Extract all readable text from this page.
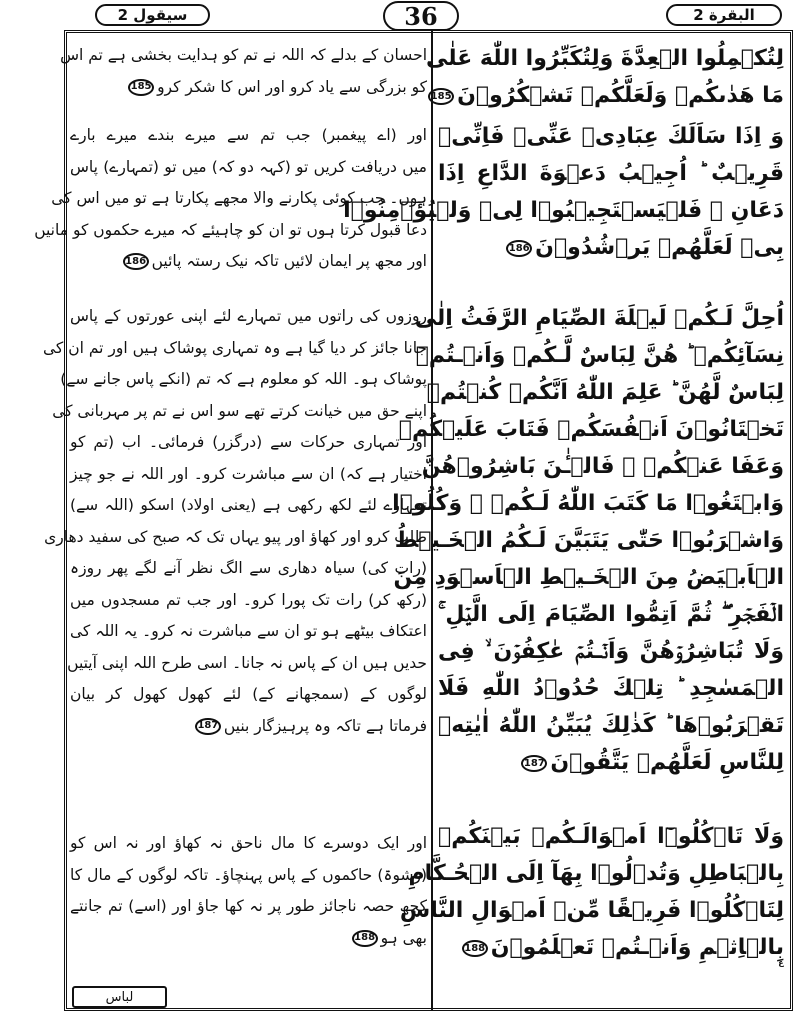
سیقول 2	36	البقرة 2
لِتُكۡمِلُوا الۡعِدَّةَ وَلِتُكَبِّرُوا اللّٰهَ عَلٰى
مَا هَدٰٮكُمۡ وَلَعَلَّكُمۡ تَشۡكُرُوۡنَ185
وَ اِذَا سَاَلَكَ عِبَادِىۡ عَنِّىۡ فَاِنِّىۡ
قَرِيۡبٌ ؕ اُجِيۡبُ دَعۡوَةَ الدَّاعِ اِذَا
دَعَانِ ۙ فَلۡيَسۡتَجِيۡبُوۡا لِىۡ وَلۡيُؤۡمِنُوۡا
بِىۡ لَعَلَّهُمۡ يَرۡشُدُوۡنَ186
اُحِلَّ لَـكُمۡ لَيۡلَةَ الصِّيَامِ الرَّفَثُ اِلٰى
نِسَآئِكُمۡ ؕ هُنَّ لِبَاسٌ لَّـكُمۡ وَاَنۡـتُمۡ
لِبَاسٌ لَّهُنَّ ؕ عَلِمَ اللّٰهُ اَنَّكُمۡ كُنۡتُمۡ
تَخۡتَانُوۡنَ اَنۡفُسَكُمۡ فَتَابَ عَلَيۡكُمۡ
وَعَفَا عَنۡكُمۡ ۚ فَالۡـٰٔنَ بَاشِرُوۡهُنَّ
وَابۡتَغُوۡا مَا كَتَبَ اللّٰهُ لَـكُمۡ ۚ وَكُلُوۡا
وَاشۡرَبُوۡا حَتّٰى يَتَبَيَّنَ لَـكُمُ الۡخَـيۡطُ
الۡاَبۡيَضُ مِنَ الۡخَـيۡطِ الۡاَسۡوَدِ مِنَ
الۡفَجۡرِ ۖ ثُمَّ اَتِمُّوا الصِّيَامَ اِلَى الَّيۡلِ ۚ
وَلَا تُبَاشِرُوۡهُنَّ وَاَنۡـتُمۡ عٰكِفُوۡنَ ۙ فِى
الۡمَسٰجِدِ ؕ تِلۡكَ حُدُوۡدُ اللّٰهِ فَلَا
تَقۡرَبُوۡهَا ؕ كَذٰلِكَ يُبَيِّنُ اللّٰهُ اٰيٰتِهٖ
لِلنَّاسِ لَعَلَّهُمۡ يَتَّقُوۡنَ187
وَلَا تَاۡكُلُوۡٓا اَمۡوَالَـكُمۡ بَيۡنَكُمۡ
بِالۡبَاطِلِ وَتُدۡلُوۡا بِهَآ اِلَى الۡحُـکَّامِ
لِتَاۡكُلُوۡا فَرِيۡقًا مِّنۡ اَمۡوَالِ النَّاسِ
بِالۡاِثۡمِ وَاَنۡـتُمۡ تَعۡلَمُوۡنَ188
احسان کے بدلے کہ اللہ نے تم کو ہدایت بخشی ہے تم اس
کو بزرگی سے یاد کرو اور اس کا شکر کرو185
اور (اے پیغمبر) جب تم سے میرے بندے میرے بارے
میں دریافت کریں تو (کہہ دو کہ) میں تو (تمہارے) پاس
ہوں۔ جب کوئی پکارنے والا مجھے پکارتا ہے تو میں اس کی
دعا قبول کرتا ہوں تو ان کو چاہیئے کہ میرے حکموں کو مانیں
اور مجھ پر ایمان لائیں تاکہ نیک رستہ پائیں186
روزوں کی راتوں میں تمہارے لئے اپنی عورتوں کے پاس
جانا جائز کر دیا گیا ہے وہ تمہاری پوشاک ہیں اور تم ان کی
پوشاک ہو۔ اللہ کو معلوم ہے کہ تم (انکے پاس جانے سے)
اپنے حق میں خیانت کرتے تھے سو اس نے تم پر مہربانی کی
اور تمہاری حرکات سے (درگزر) فرمائی۔ اب (تم کو
اختیار ہے کہ) ان سے مباشرت کرو۔ اور اللہ نے جو چیز
تمہارے لئے لکھ رکھی ہے (یعنی اولاد) اسکو (اللہ سے)
طلب کرو اور کھاؤ اور پیو یہاں تک کہ صبح کی سفید دھاری
(رات کی) سیاہ دھاری سے الگ نظر آنے لگے پھر روزہ
(رکھ کر) رات تک پورا کرو۔ اور جب تم مسجدوں میں
اعتکاف بیٹھے ہو تو ان سے مباشرت نہ کرو۔ یہ اللہ کی
حدیں ہیں ان کے پاس نہ جانا۔ اسی طرح اللہ اپنی آیتیں
لوگوں کے (سمجھانے کے) لئے کھول کھول کر بیان
فرماتا ہے تاکہ وہ پرہیزگار بنیں187
اور ایک دوسرے کا مال ناحق نہ کھاؤ اور نہ اس کو
(رشوۃ) حاکموں کے پاس پہنچاؤ۔ تاکہ لوگوں کے مال کا
کچھ حصہ ناجائز طور پر نہ کھا جاؤ اور (اسے) تم جانتے
بھی ہو188
ع
لباس
